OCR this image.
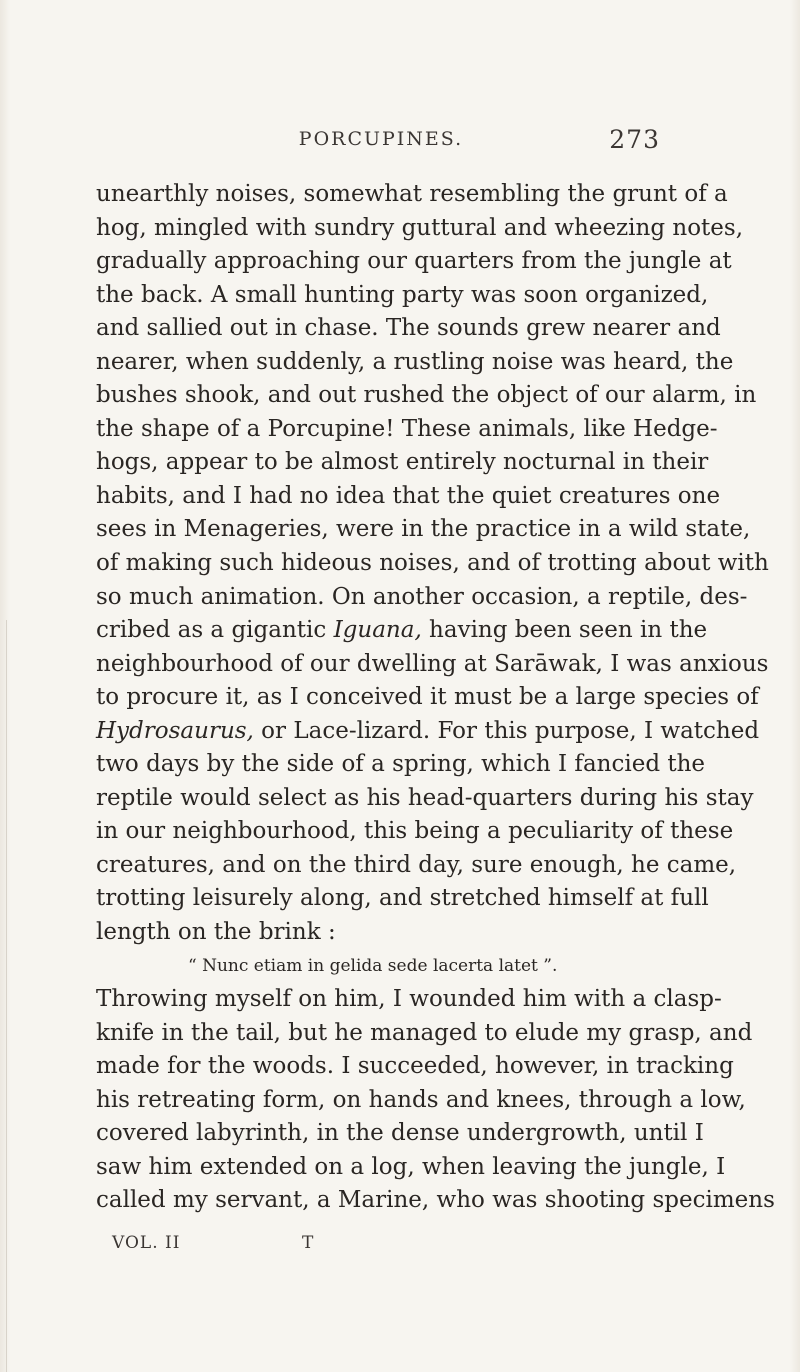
PORCUPINES.	273
unearthly noises, somewhat resembling the grunt of a
hog, mingled with sundry guttural and wheezing notes,
gradually approaching our quarters from the jungle at
the back. A small hunting party was soon organized,
and sallied out in chase. The sounds grew nearer and
nearer, when suddenly, a rustling noise was heard, the
bushes shook, and out rushed the object of our alarm, in
the shape of a Porcupine! These animals, like Hedge-
hogs, appear to be almost entirely nocturnal in their
habits, and I had no idea that the quiet creatures one
sees in Menageries, were in the practice in a wild state,
of making such hideous noises, and of trotting about with
so much animation. On another occasion, a reptile, des-
cribed as a gigantic Iguana, having been seen in the
neighbourhood of our dwelling at Sarāwak, I was anxious
to procure it, as I conceived it must be a large species of
Hydrosaurus, or Lace-lizard. For this purpose, I watched
two days by the side of a spring, which I fancied the
reptile would select as his head-quarters during his stay
in our neighbourhood, this being a peculiarity of these
creatures, and on the third day, sure enough, he came,
trotting leisurely along, and stretched himself at full
length on the brink :
“ Nunc etiam in gelida sede lacerta latet ”.
Throwing myself on him, I wounded him with a clasp-
knife in the tail, but he managed to elude my grasp, and
made for the woods. I succeeded, however, in tracking
his retreating form, on hands and knees, through a low,
covered labyrinth, in the dense undergrowth, until I
saw him extended on a log, when leaving the jungle, I
called my servant, a Marine, who was shooting specimens
VOL. II	T
